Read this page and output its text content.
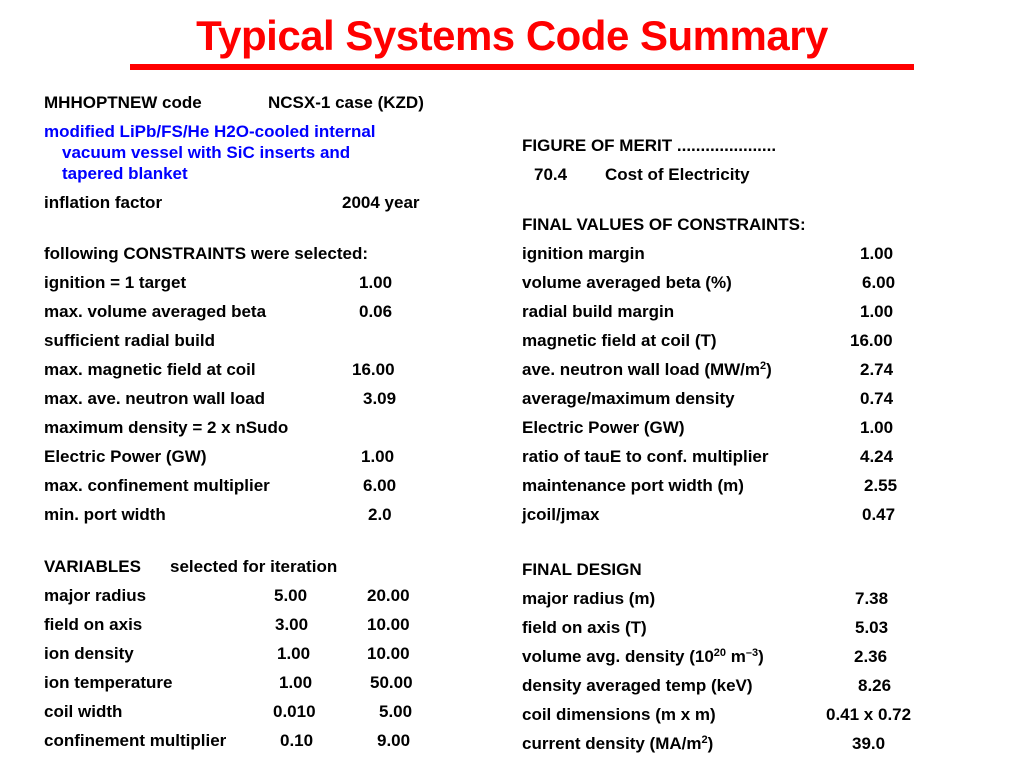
Typical Systems Code Summary
MHHOPTNEW code	NCSX-1 case (KZD)
modified LiPb/FS/He H2O-cooled internal
vacuum vessel with SiC inserts and
tapered blanket
inflation factor	2004 year
following CONSTRAINTS were selected:
ignition = 1 target	1.00
max. volume averaged beta	0.06
sufficient radial build
max. magnetic field at coil	16.00
max. ave. neutron wall load	3.09
maximum density = 2 x nSudo
Electric Power (GW)	1.00
max. confinement multiplier	6.00
min. port width	2.0
VARIABLES selected for iteration
major radius	5.00	20.00
field on axis	3.00	10.00
ion density	1.00	10.00
ion temperature	1.00	50.00
coil width	0.010	5.00
confinement multiplier	0.10	9.00
FIGURE OF MERIT .....................
70.4 Cost of Electricity
FINAL VALUES OF CONSTRAINTS:
ignition margin	1.00
volume averaged beta (%)	6.00
radial build margin	1.00
magnetic field at coil (T)	16.00
ave. neutron wall load $(MW/m^2)$	2.74
average/maximum density	0.74
Electric Power (GW)	1.00
ratio of tauE to conf. multiplier	4.24
maintenance port width (m)	2.55
jcoil/jmax	0.47
FINAL DESIGN
major radius (m)	7.38
field on axis (T)	5.03
volume avg. density ($10^{20}$ $m^{-3}$)	2.36
density averaged temp (keV)	8.26
coil dimensions (m x m)	0.41 x 0.72
current density $(MA/m^2)$	39.0
